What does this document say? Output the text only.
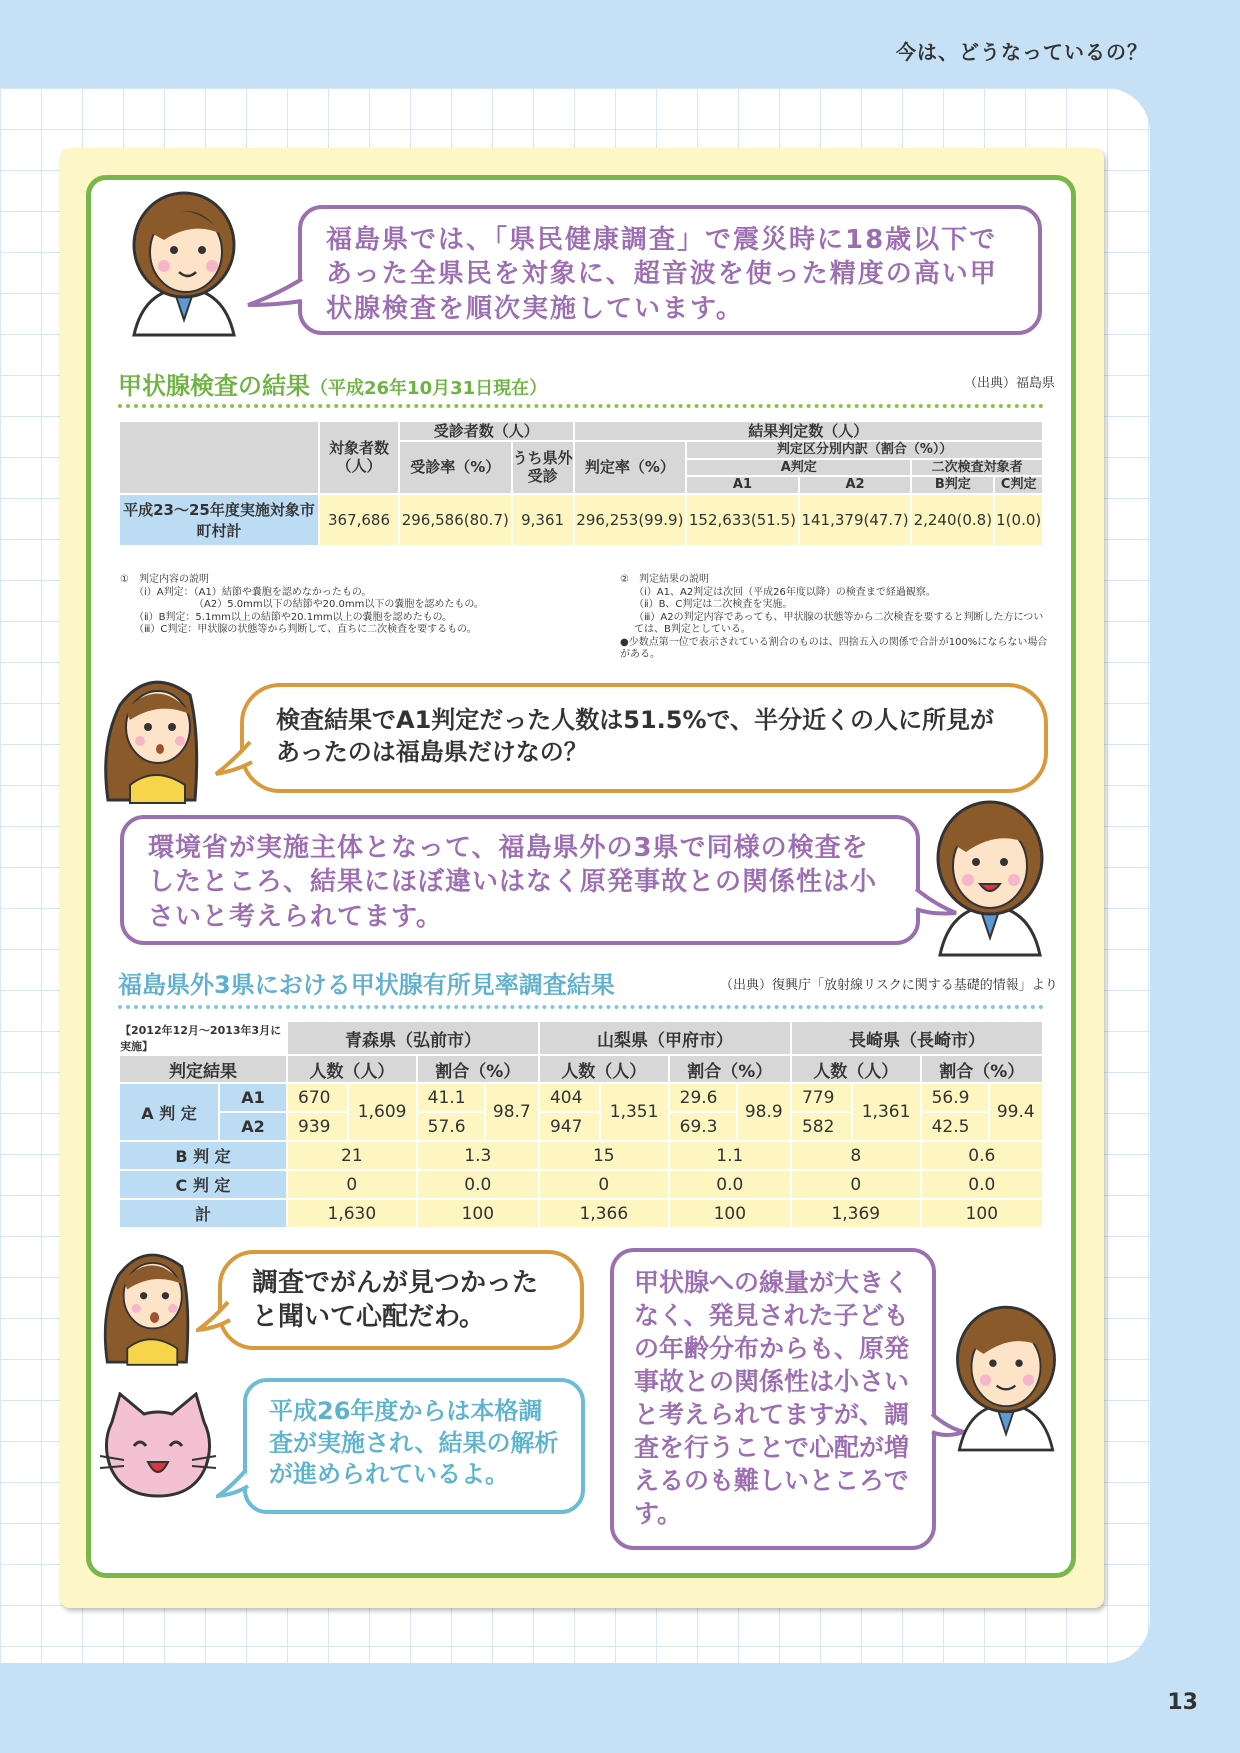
今は、どうなっているの？
福島県では、「県民健康調査」で震災時に18歳以下であった全県民を対象に、超音波を使った精度の高い甲状腺検査を順次実施しています。
甲状腺検査の結果（平成26年10月31日現在）	（出典）福島県
	対象者数（人）	受診者数（人）		結果判定数（人）				
		受診率（%）	うち県外受診	判定率（%）	判定区分別内訳（割合（%））			
					A判定		二次検査対象者	
					A1	A2	B判定	C判定
平成23～25年度実施対象市町村計	367,686	296,586(80.7)	9,361	296,253(99.9)	152,633(51.5)	141,379(47.7)	2,240(0.8)	1(0.0)
①　判定内容の説明
（ⅰ）A判定：（A1）結節や嚢胞を認めなかったもの。
（A2）5.0mm以下の結節や20.0mm以下の嚢胞を認めたもの。
（ⅱ）B判定：5.1mm以上の結節や20.1mm以上の嚢胞を認めたもの。
（ⅲ）C判定：甲状腺の状態等から判断して、直ちに二次検査を要するもの。
②　判定結果の説明
（ⅰ）A1、A2判定は次回（平成26年度以降）の検査まで経過観察。
（ⅱ）B、C判定は二次検査を実施。
（ⅲ）A2の判定内容であっても、甲状腺の状態等から二次検査を要すると判断した方については、B判定としている。
●少数点第一位で表示されている割合のものは、四捨五入の関係で合計が100%にならない場合がある。
検査結果でA1判定だった人数は51.5%で、半分近くの人に所見があったのは福島県だけなの？
環境省が実施主体となって、福島県外の3県で同様の検査をしたところ、結果にほぼ違いはなく原発事故との関係性は小さいと考えられてます。
福島県外3県における甲状腺有所見率調査結果	（出典）復興庁「放射線リスクに関する基礎的情報」より
【2012年12月～2013年3月に実施】		青森県（弘前市）				山梨県（甲府市）				長崎県（長崎市）			
判定結果		人数（人）		割合（%）		人数（人）		割合（%）		人数（人）		割合（%）	
A 判 定	A1	670	1,609	41.1	98.7	404	1,351	29.6	98.9	779	1,361	56.9	99.4
	A2	939		57.6		947		69.3		582		42.5	
B 判 定		21		1.3		15		1.1		8		0.6	
C 判 定		0		0.0		0		0.0		0		0.0	
計		1,630		100		1,366		100		1,369		100	
調査でがんが見つかったと聞いて心配だわ。
平成26年度からは本格調査が実施され、結果の解析が進められているよ。
甲状腺への線量が大きくなく、発見された子どもの年齢分布からも、原発事故との関係性は小さいと考えられてますが、調査を行うことで心配が増えるのも難しいところです。
13
